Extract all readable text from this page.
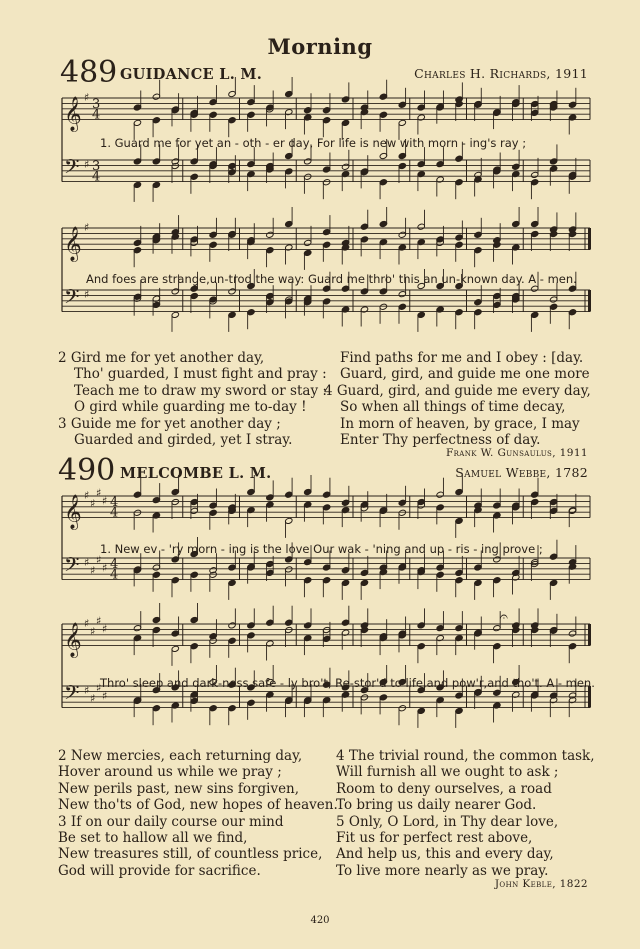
Morning
489 GUIDANCE L. M.	Charles H. Richards, 1911
𝄞
𝄢
♯
♯
3
4
3
4
1. Guard me for yet an - oth - er day, For life is new with morn - ing's ray ;
𝄞
𝄢
♯
♯
And foes are strange,un-trod the way: Guard me thro' this an un-known day. A - men.
2 Gird me for yet another day,
Tho' guarded, I must fight and pray :
Teach me to draw my sword or stay :
O gird while guarding me to-day !
3 Guide me for yet another day ;
Guarded and girded, yet I stray.
Find paths for me and I obey : [day.
Guard, gird, and guide me one more
4 Guard, gird, and guide me every day,
So when all things of time decay,
In morn of heaven, by grace, I may
Enter Thy perfectness of day.
Frank W. Gunsaulus, 1911
490 MELCOMBE L. M.	Samuel Webbe, 1782
𝄞
𝄢
♯
♯
♯
♯
♯
♯
♯
♯
4
4
4
4
1. New ev - 'ry morn - ing is the love Our wak - 'ning and up - ris - ing prove ;
𝄞
𝄢
♯
♯
♯
♯
♯
♯
♯
♯
𝄐
Thro' sleep and dark-ness safe - ly bro't, Re-stor'd to life,and pow'r,and tho't. A - men.
2 New mercies, each returning day,
Hover around us while we pray ;
New perils past, new sins forgiven,
New tho'ts of God, new hopes of heaven.
3 If on our daily course our mind
Be set to hallow all we find,
New treasures still, of countless price,
God will provide for sacrifice.
4 The trivial round, the common task,
Will furnish all we ought to ask ;
Room to deny ourselves, a road
To bring us daily nearer God.
5 Only, O Lord, in Thy dear love,
Fit us for perfect rest above,
And help us, this and every day,
To live more nearly as we pray.
John Keble, 1822
420
